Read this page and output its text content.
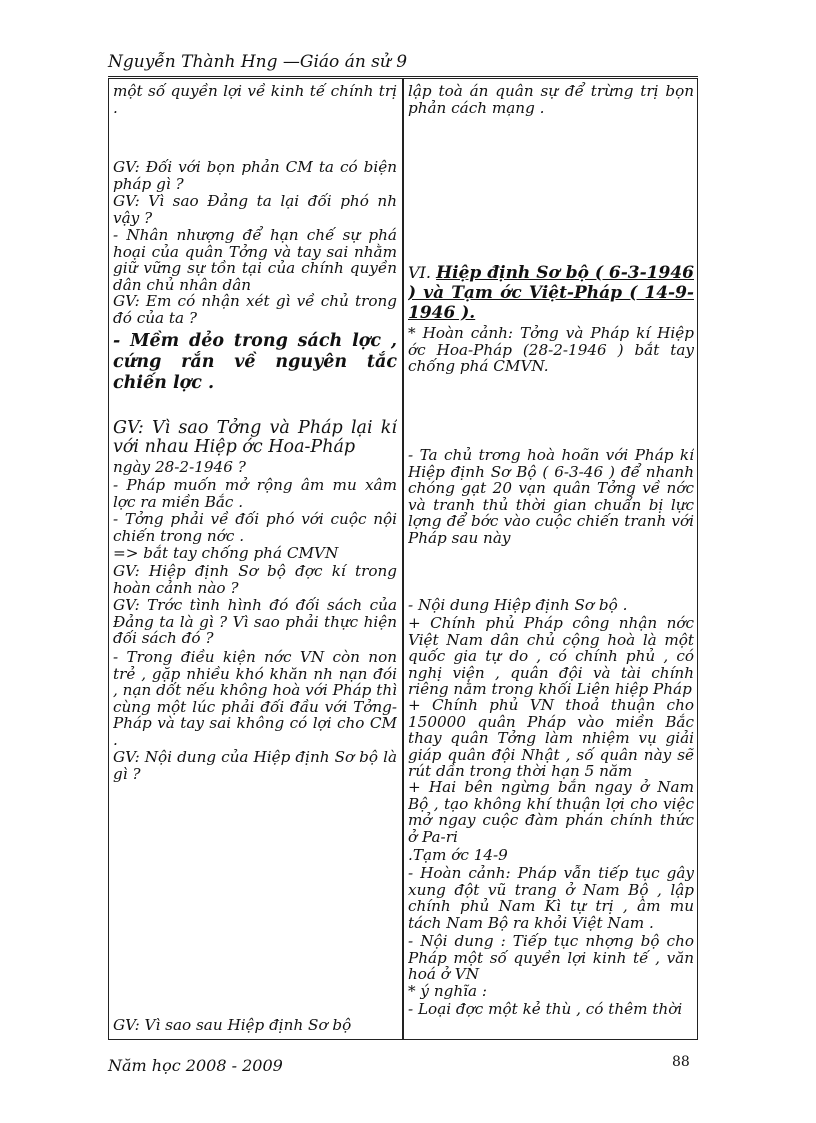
Nguyễn Thành Hng —Giáo án sử 9
một số quyền lợi về kinh tế chính trị .
GV: Đối với bọn phản CM ta có biện pháp gì ?
GV: Vì sao Đảng ta lại đối phó nh vậy ?
- Nhân nhượng để hạn chế sự phá hoại của quân Tởng và tay sai nhằm giữ vững sự tồn tại của chính quyền dân chủ nhân dân
GV: Em có nhận xét gì về chủ trong đó của ta ?
- Mềm dẻo trong sách lợc , cứng rắn về nguyên tắc chiến lợc .
GV: Vì sao Tởng và Pháp lại kí với nhau Hiệp ớc Hoa-Pháp
ngày 28-2-1946 ?
- Pháp muốn mở rộng âm mu xâm lợc ra miền Bắc .
- Tởng phải về đối phó với cuộc nội chiến trong nớc .
=> bắt tay chống phá CMVN
GV: Hiệp định Sơ bộ đợc kí trong hoàn cảnh nào ?
GV: Trớc tình hình đó đối sách của Đảng ta là gì ? Vì sao phải thực hiện đối sách đó ?
- Trong điều kiện nớc VN còn non trẻ , gặp nhiều khó khăn nh nạn đói , nạn dốt nếu không hoà với Pháp thì cùng một lúc phải đối đầu với Tởng- Pháp và tay sai không có lợi cho CM .
GV: Nội dung của Hiệp định Sơ bộ là gì ?
GV: Vì sao sau Hiệp định Sơ bộ
lập toà án quân sự để trừng trị bọn phản cách mạng .
VI. Hiệp định Sơ bộ ( 6-3-1946 ) và Tạm ớc Việt-Pháp ( 14-9-1946 ).
* Hoàn cảnh: Tởng và Pháp kí Hiệp ớc Hoa-Pháp (28-2-1946 ) bắt tay chống phá CMVN.
- Ta chủ trơng hoà hoãn với Pháp kí Hiệp định Sơ Bộ ( 6-3-46 ) để nhanh chóng gạt 20 vạn quân Tởng về nớc và tranh thủ thời gian chuẩn bị lực lợng để bớc vào cuộc chiến tranh với Pháp sau này
- Nội dung Hiệp định Sơ bộ .
+ Chính phủ Pháp công nhận nớc Việt Nam dân chủ cộng hoà là một quốc gia tự do , có chính phủ , có nghị viện , quân đội và tài chính riêng nằm trong khối Liên hiệp Pháp
+ Chính phủ VN thoả thuận cho 150000 quân Pháp vào miền Bắc thay quân Tởng làm nhiệm vụ giải giáp quân đội Nhật , số quân này sẽ rút dần trong thời hạn 5 năm
+ Hai bên ngừng bắn ngay ở Nam Bộ , tạo không khí thuận lợi cho việc mở ngay cuộc đàm phán chính thức ở Pa-ri
.Tạm ớc 14-9
- Hoàn cảnh: Pháp vẫn tiếp tục gây xung đột vũ trang ở Nam Bộ , lập chính phủ Nam Kì tự trị , âm mu tách Nam Bộ ra khỏi Việt Nam .
- Nội dung : Tiếp tục nhợng bộ cho Pháp một số quyền lợi kinh tế , văn hoá ở VN
* ý nghĩa :
- Loại đợc một kẻ thù , có thêm thời
Năm học 2008 - 2009	88
